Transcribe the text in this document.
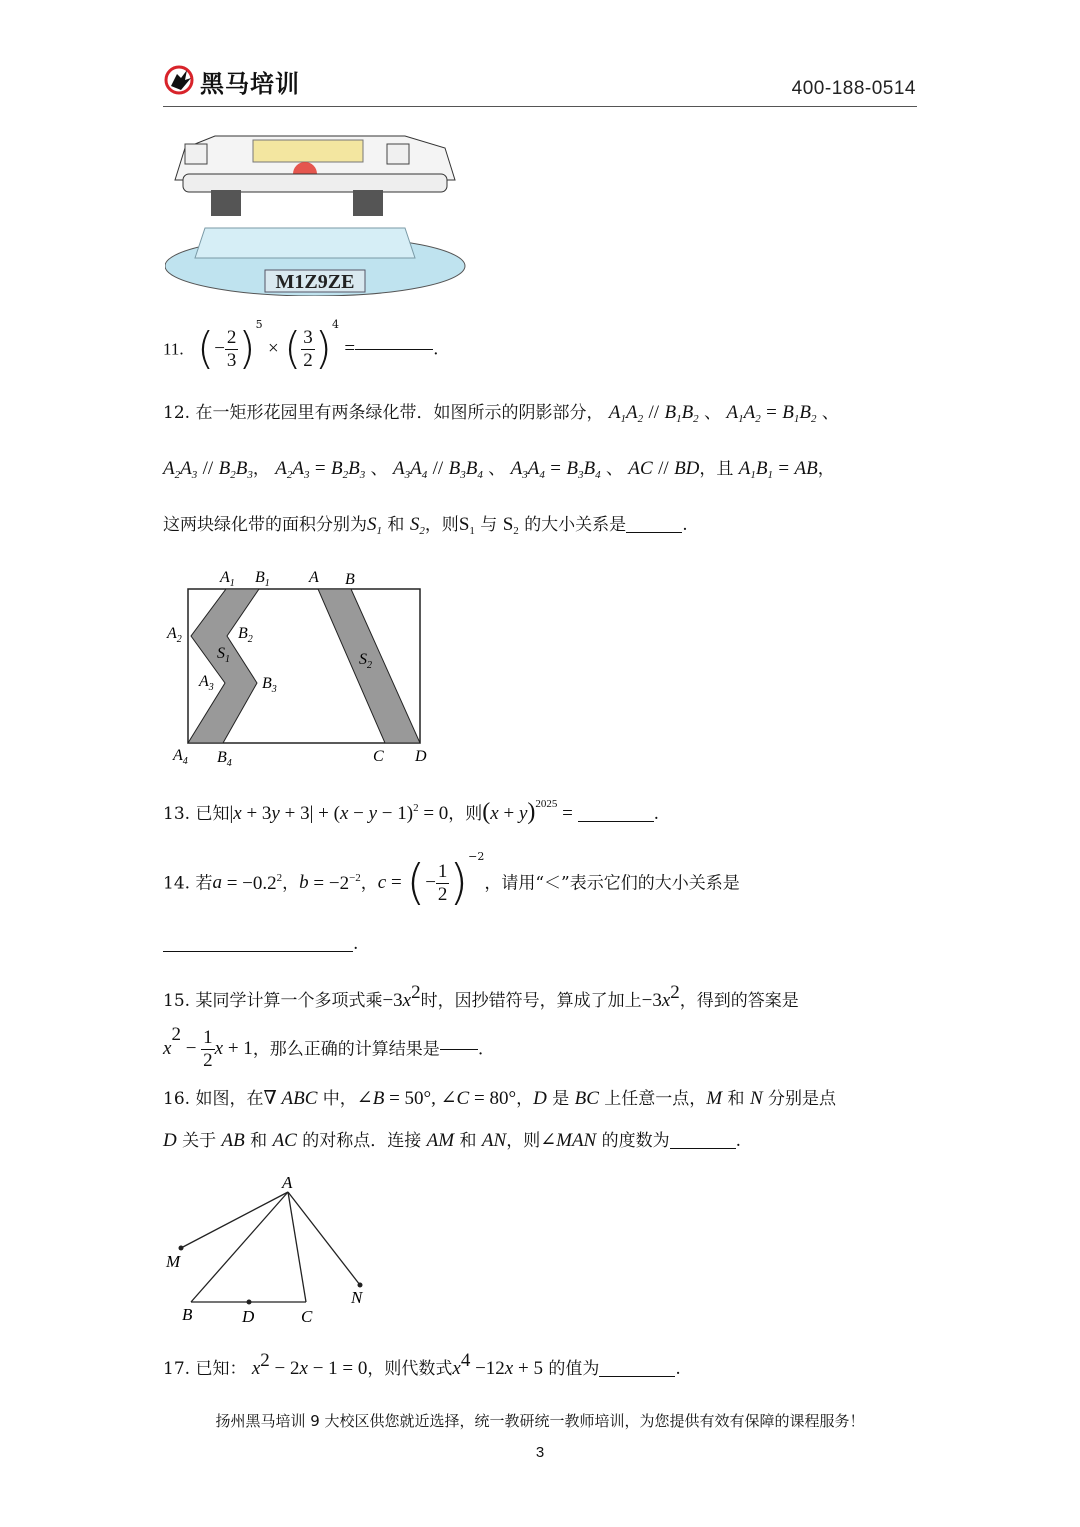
黑马培训	400-188-0514
M1Z9ZE
11. (− $\frac{2}{3} )^5$ × ( $\frac{3}{2} )^4$ =	.
12. 在一矩形花园里有两条绿化带．如图所示的阴影部分， $A_1A_2 // B_1B_2$ 、 $A_1A_2 = B_1B_2$ 、
$A_2A_3 // B_2B_3$， $A_2A_3 = B_2B_3$ 、 $A_3A_4 // B_3B_4$ 、 $A_3A_4 = B_3B_4$ 、 AC // BD，且 $A_1B_1$ = AB，
这两块绿化带的面积分别为$S_1$ 和 $S_2$，则$S_1$ 与 $S_2$ 的大小关系是	.
$A_1$ $B_1$ A B
$A_2$	$B_2$
$S_1$	$S_2$
$A_3$	$B_3$
$A_4$ $B_4$	C D
13. 已知$|x + 3y + 3| + (x - y - 1)^2 = 0$，则$(x + y)^{2025}$ =	.
14. 若$a = -0.2^2$，$b = -2^{-2}$，c = (− $\frac{1}{2} )^{-2}$，请用“＜”表示它们的大小关系是
.
15. 某同学计算一个多项式乘$-3x^2$时，因抄错符号，算成了加上$-3x^2$，得到的答案是
$x^2 - \frac{1}{2}$ x + 1，那么正确的计算结果是 .
16. 如图，在∇ ABC 中，∠B = 50°, ∠C = 80°，D 是 BC 上任意一点，M 和 N 分别是点
D 关于 AB 和 AC 的对称点．连接 AM 和 AN，则∠MAN 的度数为	.
A
M
N
B	D	C
17. 已知： $x^2 - 2x - 1 = 0$，则代数式$x^4 -12x + 5$ 的值为	.
扬州黑马培训 9 大校区供您就近选择，统一教研统一教师培训，为您提供有效有保障的课程服务！
3
